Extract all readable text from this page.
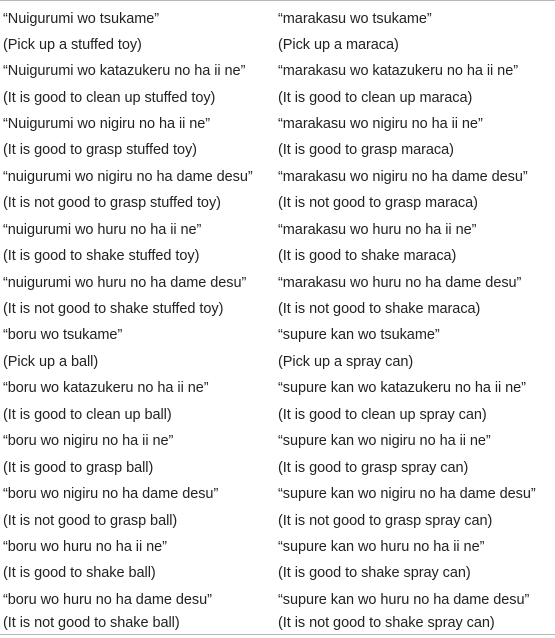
“Nuigurumi wo tsukame”	“marakasu wo tsukame”
(Pick up a stuffed toy)	(Pick up a maraca)
“Nuigurumi wo katazukeru no ha ii ne” “marakasu wo katazukeru no ha ii ne”
(It is good to clean up stuffed toy)	(It is good to clean up maraca)
“Nuigurumi wo nigiru no ha ii ne”	“marakasu wo nigiru no ha ii ne”
(It is good to grasp stuffed toy)	(It is good to grasp maraca)
“nuigurumi wo nigiru no ha dame desu” “marakasu wo nigiru no ha dame desu”
(It is not good to grasp stuffed toy)	(It is not good to grasp maraca)
“nuigurumi wo huru no ha ii ne”	“marakasu wo huru no ha ii ne”
(It is good to shake stuffed toy)	(It is good to shake maraca)
“nuigurumi wo huru no ha dame desu” “marakasu wo huru no ha dame desu”
(It is not good to shake stuffed toy)	(It is not good to shake maraca)
“boru wo tsukame”	“supure kan wo tsukame”
(Pick up a ball)	(Pick up a spray can)
“boru wo katazukeru no ha ii ne”	“supure kan wo katazukeru no ha ii ne”
(It is good to clean up ball)	(It is good to clean up spray can)
“boru wo nigiru no ha ii ne”	“supure kan wo nigiru no ha ii ne”
(It is good to grasp ball)	(It is good to grasp spray can)
“boru wo nigiru no ha dame desu”	“supure kan wo nigiru no ha dame desu”
(It is not good to grasp ball)	(It is not good to grasp spray can)
“boru wo huru no ha ii ne”	“supure kan wo huru no ha ii ne”
(It is good to shake ball)	(It is good to shake spray can)
“boru wo huru no ha dame desu”	“supure kan wo huru no ha dame desu”
(It is not good to shake ball)	(It is not good to shake spray can)
